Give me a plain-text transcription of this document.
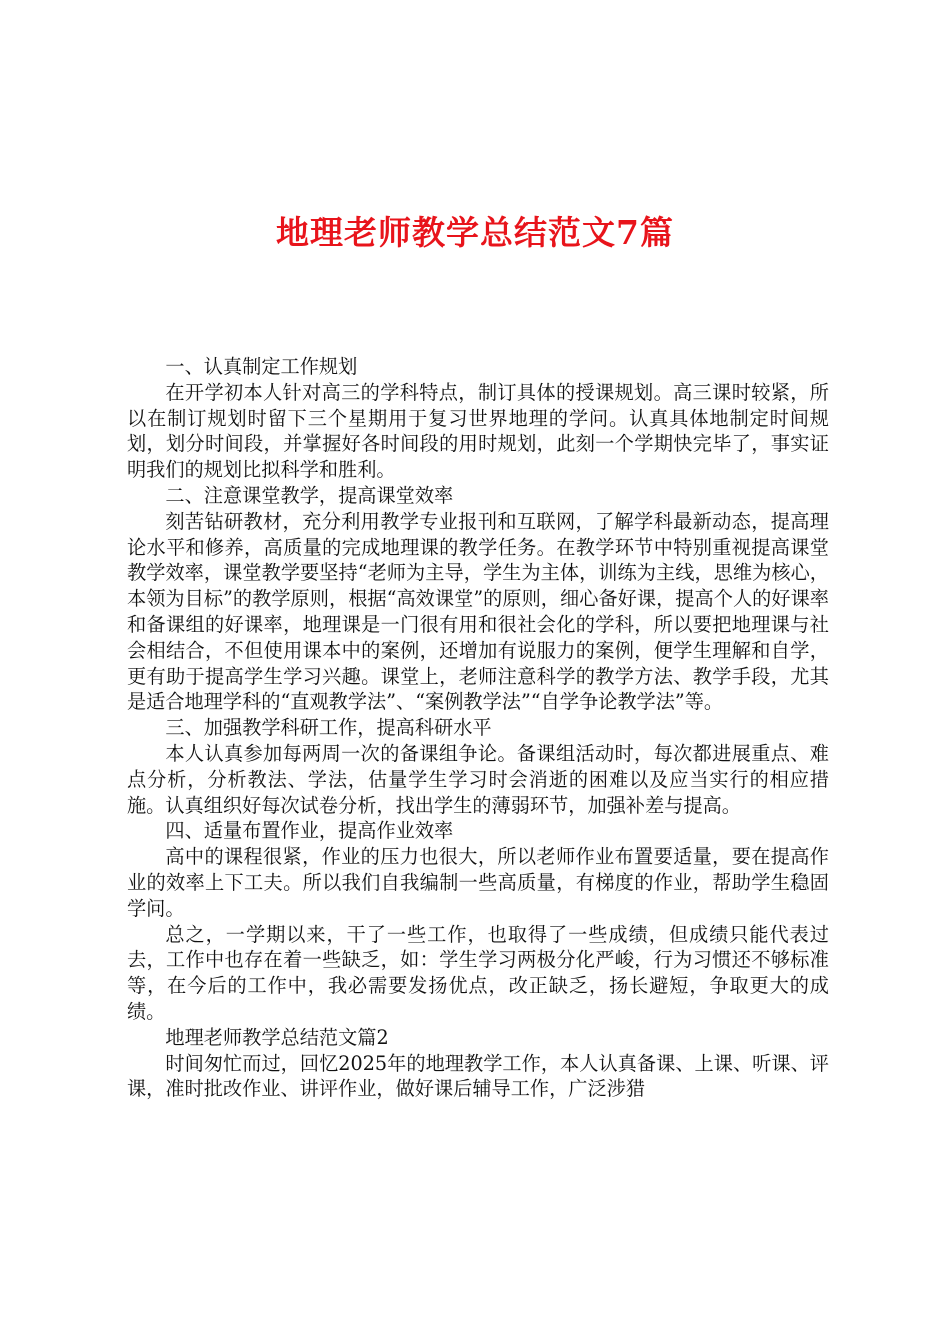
地理老师教学总结范文7篇

一、认真制定工作规划

在开学初本人针对高三的学科特点，制订具体的授课规划。高三课时较紧，所以在制订规划时留下三个星期用于复习世界地理的学问。认真具体地制定时间规划，划分时间段，并掌握好各时间段的用时规划，此刻一个学期快完毕了，事实证明我们的规划比拟科学和胜利。

二、注意课堂教学，提高课堂效率

刻苦钻研教材，充分利用教学专业报刊和互联网，了解学科最新动态，提高理论水平和修养，高质量的完成地理课的教学任务。在教学环节中特别重视提高课堂教学效率，课堂教学要坚持“老师为主导，学生为主体，训练为主线，思维为核心，本领为目标”的教学原则，根据“高效课堂”的原则，细心备好课，提高个人的好课率和备课组的好课率，地理课是一门很有用和很社会化的学科，所以要把地理课与社会相结合，不但使用课本中的案例，还增加有说服力的案例，便学生理解和自学，更有助于提高学生学习兴趣。课堂上，老师注意科学的教学方法、教学手段，尤其是适合地理学科的“直观教学法”、“案例教学法”“自学争论教学法”等。

三、加强教学科研工作，提高科研水平

本人认真参加每两周一次的备课组争论。备课组活动时，每次都进展重点、难点分析，分析教法、学法，估量学生学习时会消逝的困难以及应当实行的相应措施。认真组织好每次试卷分析，找出学生的薄弱环节，加强补差与提高。

四、适量布置作业，提高作业效率

高中的课程很紧，作业的压力也很大，所以老师作业布置要适量，要在提高作业的效率上下工夫。所以我们自我编制一些高质量，有梯度的作业，帮助学生稳固学问。

总之，一学期以来，干了一些工作，也取得了一些成绩，但成绩只能代表过去，工作中也存在着一些缺乏，如：学生学习两极分化严峻，行为习惯还不够标准等，在今后的工作中，我必需要发扬优点，改正缺乏，扬长避短，争取更大的成绩。

地理老师教学总结范文篇2

时间匆忙而过，回忆2025年的地理教学工作，本人认真备课、上课、听课、评课，准时批改作业、讲评作业，做好课后辅导工作，广泛涉猎
